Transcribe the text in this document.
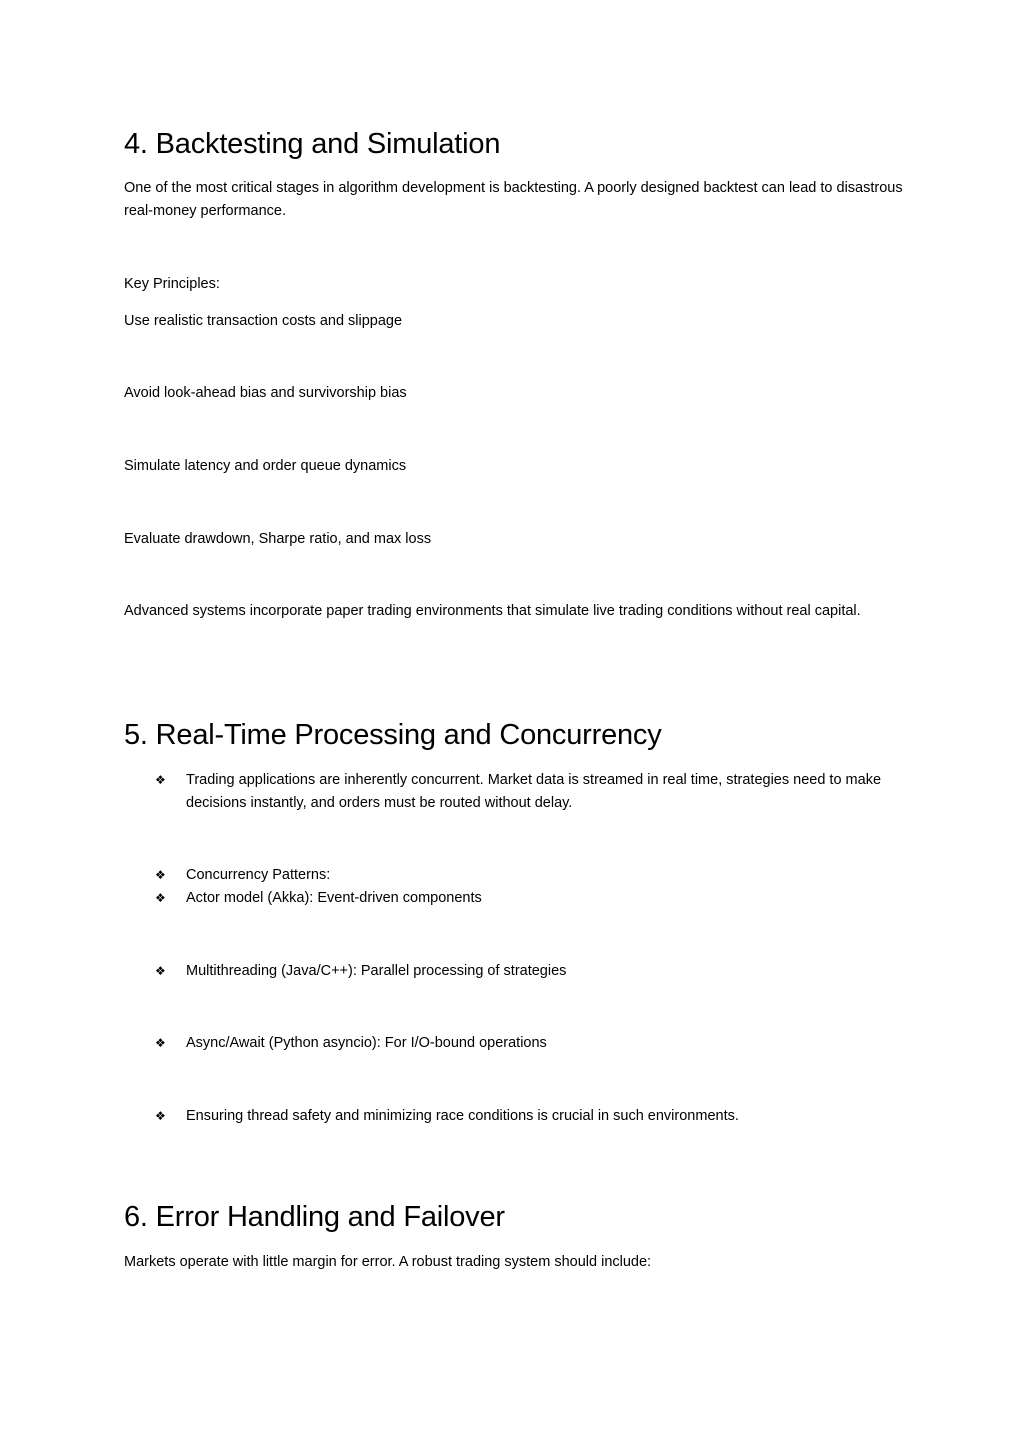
4. Backtesting and Simulation

One of the most critical stages in algorithm development is backtesting. A poorly designed backtest can lead to disastrous real-money performance.

Key Principles:

Use realistic transaction costs and slippage

Avoid look-ahead bias and survivorship bias

Simulate latency and order queue dynamics

Evaluate drawdown, Sharpe ratio, and max loss

Advanced systems incorporate paper trading environments that simulate live trading conditions without real capital.

5. Real-Time Processing and Concurrency
❖	Trading applications are inherently concurrent. Market data is streamed in real time, strategies need to make decisions instantly, and orders must be routed without delay.
❖	Concurrency Patterns:
❖	Actor model (Akka): Event-driven components
❖	Multithreading (Java/C++): Parallel processing of strategies
❖	Async/Await (Python asyncio): For I/O-bound operations
❖	Ensuring thread safety and minimizing race conditions is crucial in such environments.
6. Error Handling and Failover

Markets operate with little margin for error. A robust trading system should include:
